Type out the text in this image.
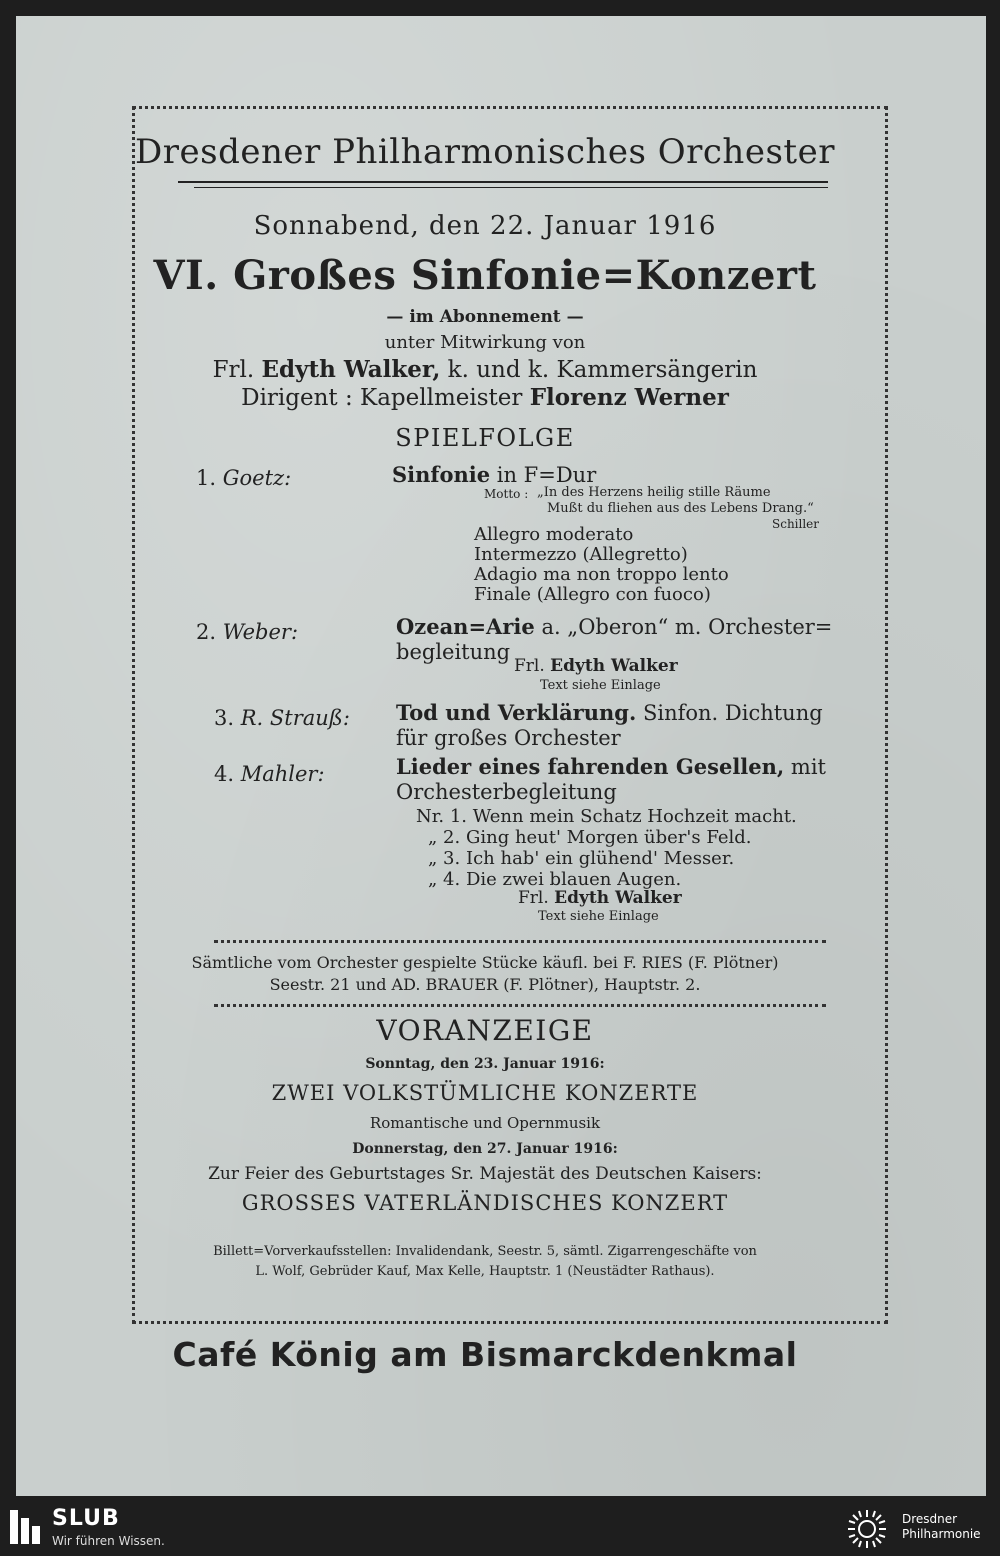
Dresdener Philharmonisches Orchester
Sonnabend, den 22. Januar 1916
VI. Großes Sinfonie=Konzert
— im Abonnement —
unter Mitwirkung von
Frl. Edyth Walker, k. und k. Kammersängerin
Dirigent : Kapellmeister Florenz Werner
SPIELFOLGE
1. Goetz:	Sinfonie in F=Dur
Motto : „In des Herzens heilig stille Räume
Mußt du fliehen aus des Lebens Drang.“
Schiller
Allegro moderato
Intermezzo (Allegretto)
Adagio ma non troppo lento
Finale (Allegro con fuoco)
2. Weber:	Ozean=Arie a. „Oberon“ m. Orchester=
begleitung
Frl. Edyth Walker
Text siehe Einlage
3. R. Strauß: Tod und Verklärung. Sinfon. Dichtung
für großes Orchester
4. Mahler:	Lieder eines fahrenden Gesellen, mit
Orchesterbegleitung
Nr. 1. Wenn mein Schatz Hochzeit macht.
„ 2. Ging heut' Morgen über's Feld.
„ 3. Ich hab' ein glühend' Messer.
„ 4. Die zwei blauen Augen.
Frl. Edyth Walker
Text siehe Einlage
Sämtliche vom Orchester gespielte Stücke käufl. bei F. RIES (F. Plötner)
Seestr. 21 und AD. BRAUER (F. Plötner), Hauptstr. 2.
VORANZEIGE
Sonntag, den 23. Januar 1916:
ZWEI VOLKSTÜMLICHE KONZERTE
Romantische und Opernmusik
Donnerstag, den 27. Januar 1916:
Zur Feier des Geburtstages Sr. Majestät des Deutschen Kaisers:
GROSSES VATERLÄNDISCHES KONZERT
Billett=Vorverkaufsstellen: Invalidendank, Seestr. 5, sämtl. Zigarrengeschäfte von
L. Wolf, Gebrüder Kauf, Max Kelle, Hauptstr. 1 (Neustädter Rathaus).
Café König am Bismarckdenkmal
SLUB
Wir führen Wissen.
Dresdner
Philharmonie
